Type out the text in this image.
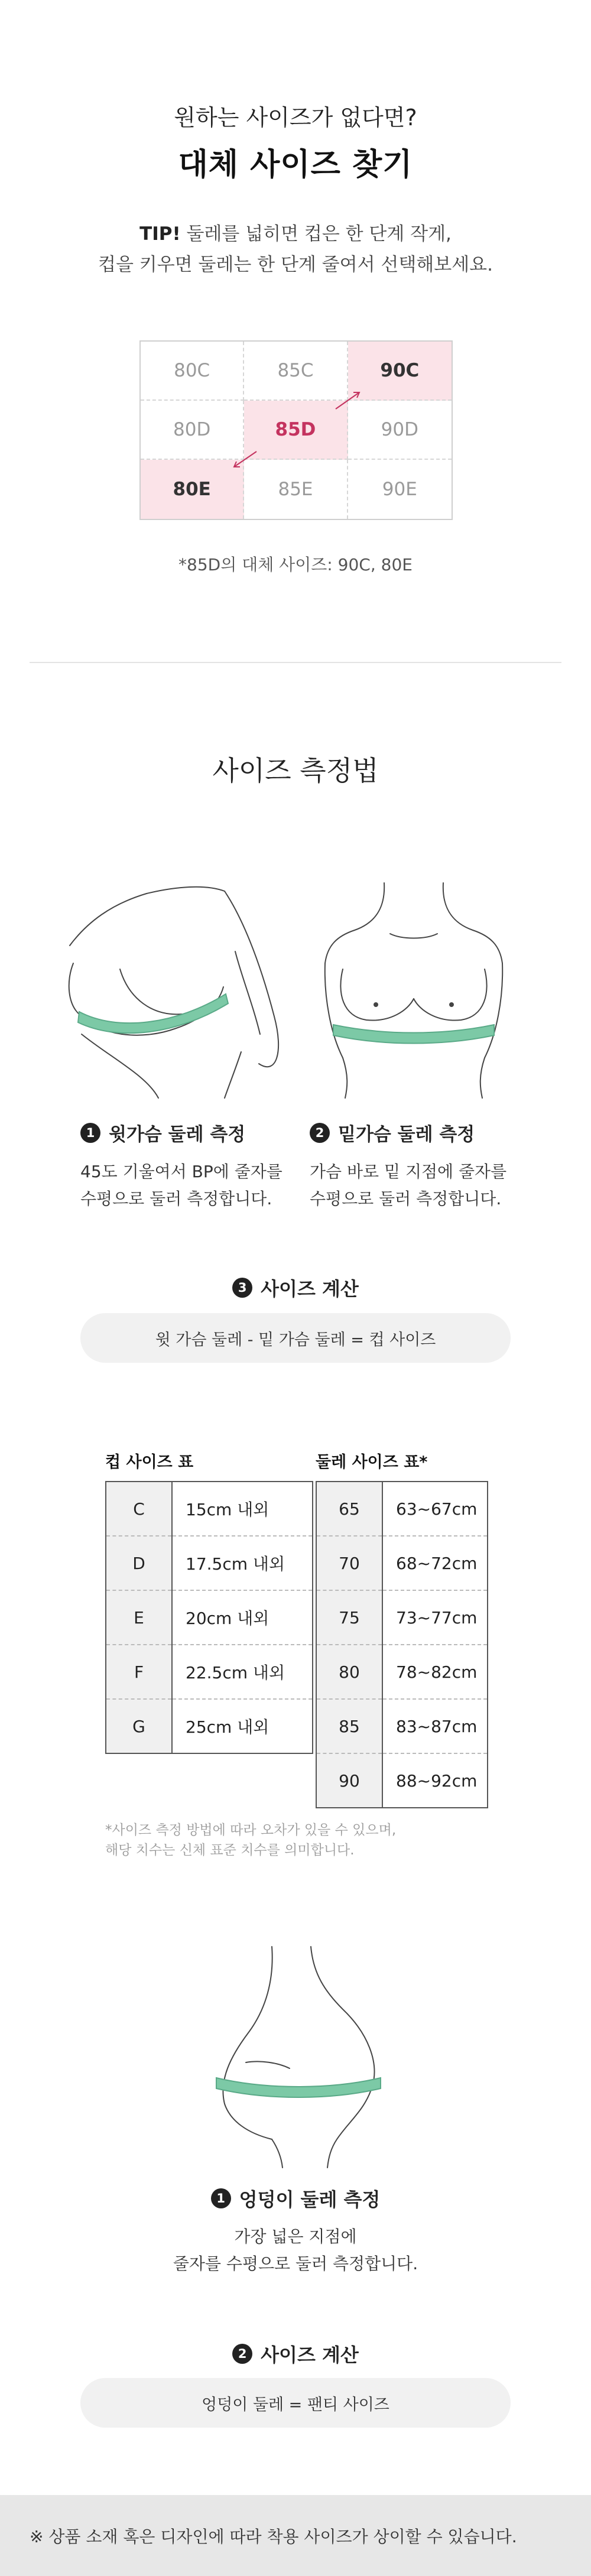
원하는 사이즈가 없다면?
대체 사이즈 찾기
TIP! 둘레를 넓히면 컵은 한 단계 작게,
컵을 키우면 둘레는 한 단계 줄여서 선택해보세요.
80C	85C	90C
80D	85D	90D
80E	85E	90E
*85D의 대체 사이즈: 90C, 80E
사이즈 측정법
1 윗가슴 둘레 측정
45도 기울여서 BP에 줄자를
수평으로 둘러 측정합니다.
2 밑가슴 둘레 측정
가슴 바로 밑 지점에 줄자를
수평으로 둘러 측정합니다.
3 사이즈 계산
윗 가슴 둘레 - 밑 가슴 둘레 = 컵 사이즈
컵 사이즈 표
C	15cm 내외
D	17.5cm 내외
E	20cm 내외
F	22.5cm 내외
G	25cm 내외
둘레 사이즈 표*
65	63~67cm
70	68~72cm
75	73~77cm
80	78~82cm
85	83~87cm
90	88~92cm
*사이즈 측정 방법에 따라 오차가 있을 수 있으며,
해당 치수는 신체 표준 치수를 의미합니다.
1 엉덩이 둘레 측정
가장 넓은 지점에
줄자를 수평으로 둘러 측정합니다.
2 사이즈 계산
엉덩이 둘레 = 팬티 사이즈
※ 상품 소재 혹은 디자인에 따라 착용 사이즈가 상이할 수 있습니다.
